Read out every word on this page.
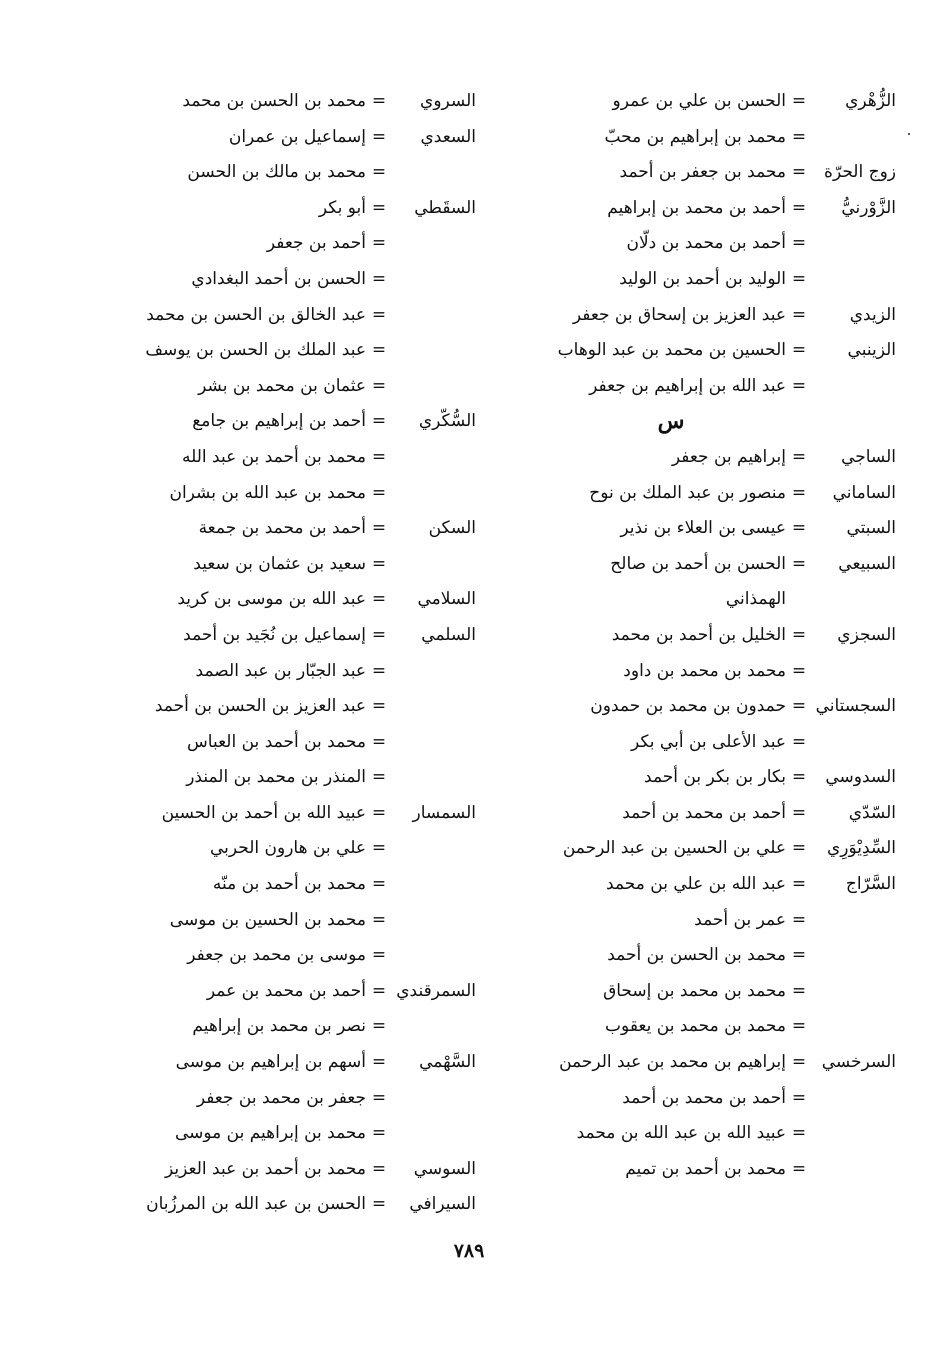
الزُّهْري
=
الحسن بن علي بن عمرو
=
محمد بن إبراهيم بن محبّ
زوج الحرّة
=
محمد بن جعفر بن أحمد
الزَّوْرنيُّ
=
أحمد بن محمد بن إبراهيم
=
أحمد بن محمد بن دلّان
=
الوليد بن أحمد بن الوليد
الزيدي
=
عبد العزيز بن إسحاق بن جعفر
الزينبي
=
الحسين بن محمد بن عبد الوهاب
=
عبد الله بن إبراهيم بن جعفر
س
الساجي
=
إبراهيم بن جعفر
الساماني
=
منصور بن عبد الملك بن نوح
السبتي
=
عيسى بن العلاء بن نذير
السبيعي
=
الحسن بن أحمد بن صالح
الهمذاني
السجزي
=
الخليل بن أحمد بن محمد
=
محمد بن محمد بن داود
السجستاني
=
حمدون بن محمد بن حمدون
=
عبد الأعلى بن أبي بكر
السدوسي
=
بكار بن بكر بن أحمد
السّدّي
=
أحمد بن محمد بن أحمد
السِّدِيْوَرِي
=
علي بن الحسين بن عبد الرحمن
السَّرّاج
=
عبد الله بن علي بن محمد
=
عمر بن أحمد
=
محمد بن الحسن بن أحمد
=
محمد بن محمد بن إسحاق
=
محمد بن محمد بن يعقوب
السرخسي
=
إبراهيم بن محمد بن عبد الرحمن
=
أحمد بن محمد بن أحمد
=
عبيد الله بن عبد الله بن محمد
=
محمد بن أحمد بن تميم
السروي
=
محمد بن الحسن بن محمد
السعدي
=
إسماعيل بن عمران
=
محمد بن مالك بن الحسن
السقَطي
=
أبو بكر
=
أحمد بن جعفر
=
الحسن بن أحمد البغدادي
=
عبد الخالق بن الحسن بن محمد
=
عبد الملك بن الحسن بن يوسف
=
عثمان بن محمد بن بشر
السُّكّري
=
أحمد بن إبراهيم بن جامع
=
محمد بن أحمد بن عبد الله
=
محمد بن عبد الله بن بشران
السكن
=
أحمد بن محمد بن جمعة
=
سعيد بن عثمان بن سعيد
السلامي
=
عبد الله بن موسى بن كريد
السلمي
=
إسماعيل بن نُجَيد بن أحمد
=
عبد الجبّار بن عبد الصمد
=
عبد العزيز بن الحسن بن أحمد
=
محمد بن أحمد بن العباس
=
المنذر بن محمد بن المنذر
السمسار
=
عبيد الله بن أحمد بن الحسين
=
علي بن هارون الحربي
=
محمد بن أحمد بن منّه
=
محمد بن الحسين بن موسى
=
موسى بن محمد بن جعفر
السمرقندي
=
أحمد بن محمد بن عمر
=
نصر بن محمد بن إبراهيم
السَّهْمي
=
أسهم بن إبراهيم بن موسى
=
جعفر بن محمد بن جعفر
=
محمد بن إبراهيم بن موسى
السوسي
=
محمد بن أحمد بن عبد العزيز
السيرافي
=
الحسن بن عبد الله بن المرزُبان
٧٨٩
